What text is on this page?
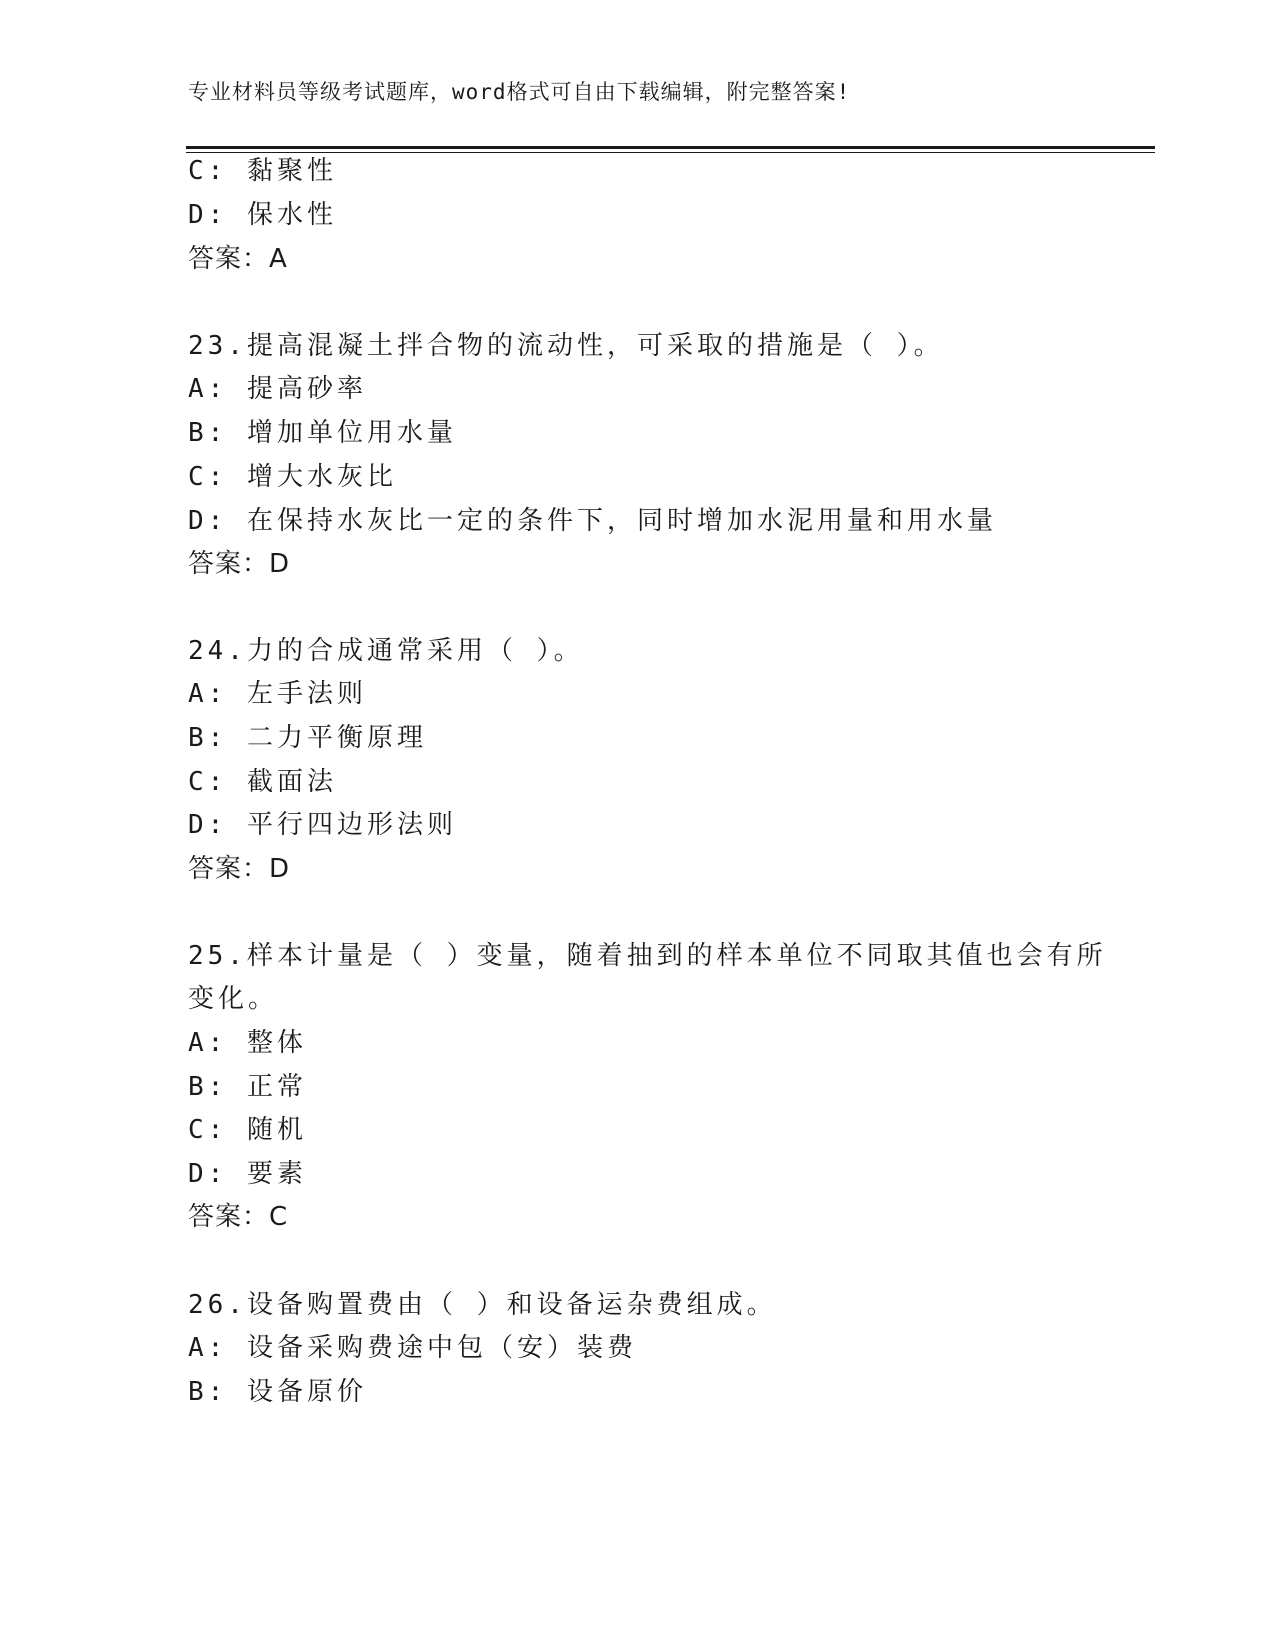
专业材料员等级考试题库，word格式可自由下载编辑，附完整答案!
C: 黏聚性
D: 保水性
答案：A
23.提高混凝土拌合物的流动性，可采取的措施是（ ）。
A: 提高砂率
B: 增加单位用水量
C: 增大水灰比
D: 在保持水灰比一定的条件下，同时增加水泥用量和用水量
答案：D
24.力的合成通常采用（ ）。
A: 左手法则
B: 二力平衡原理
C: 截面法
D: 平行四边形法则
答案：D
25.样本计量是（ ）变量，随着抽到的样本单位不同取其值也会有所
变化。
A: 整体
B: 正常
C: 随机
D: 要素
答案：C
26.设备购置费由（ ）和设备运杂费组成。
A: 设备采购费途中包（安）装费
B: 设备原价
